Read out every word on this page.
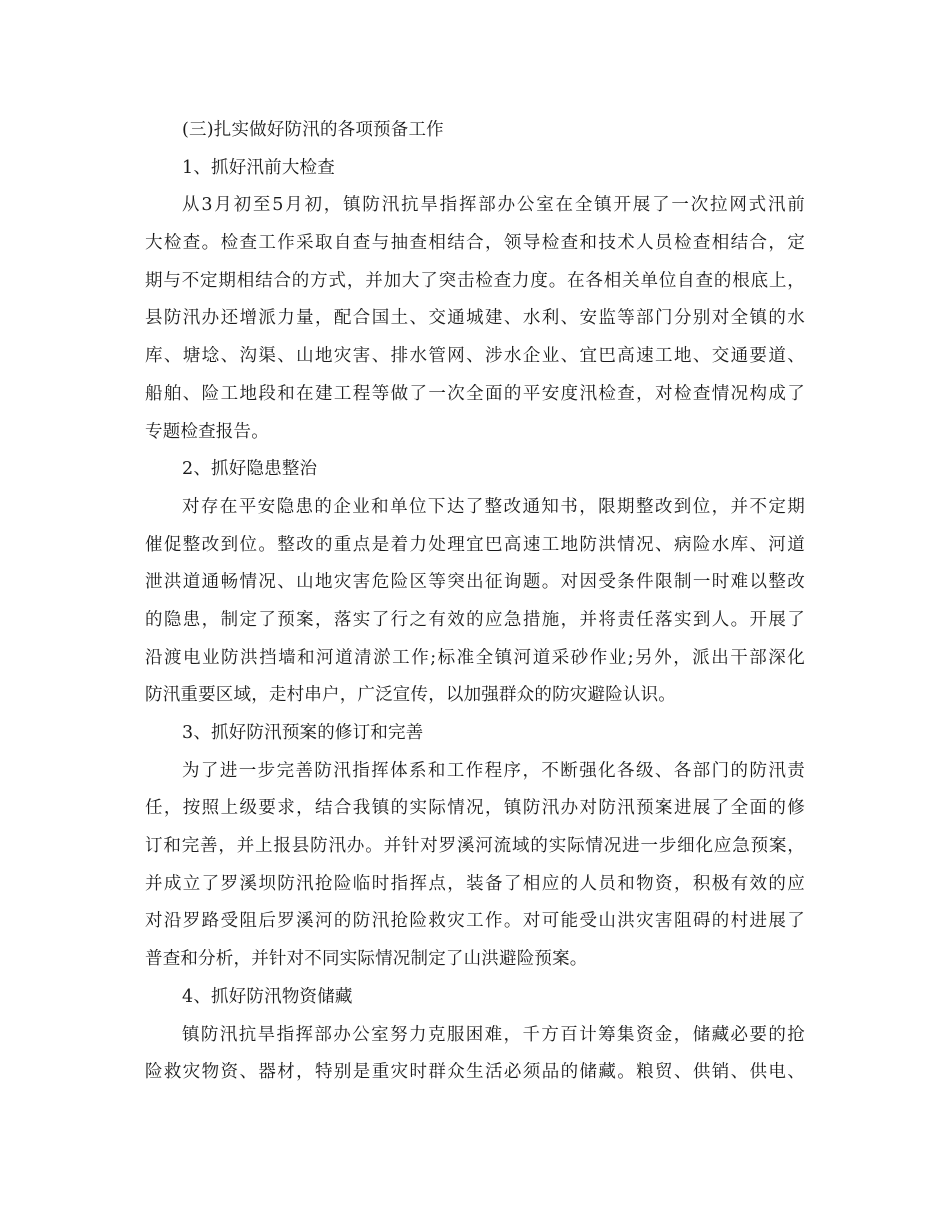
(三)扎实做好防汛的各项预备工作
1、抓好汛前大检查
从3月初至5月初，镇防汛抗旱指挥部办公室在全镇开展了一次拉网式汛前
大检查。检查工作采取自查与抽查相结合，领导检查和技术人员检查相结合，定
期与不定期相结合的方式，并加大了突击检查力度。在各相关单位自查的根底上，
县防汛办还增派力量，配合国土、交通城建、水利、安监等部门分别对全镇的水
库、塘埝、沟渠、山地灾害、排水管网、涉水企业、宜巴高速工地、交通要道、
船舶、险工地段和在建工程等做了一次全面的平安度汛检查，对检查情况构成了
专题检查报告。
2、抓好隐患整治
对存在平安隐患的企业和单位下达了整改通知书，限期整改到位，并不定期
催促整改到位。整改的重点是着力处理宜巴高速工地防洪情况、病险水库、河道
泄洪道通畅情况、山地灾害危险区等突出征询题。对因受条件限制一时难以整改
的隐患，制定了预案，落实了行之有效的应急措施，并将责任落实到人。开展了
沿渡电业防洪挡墙和河道清淤工作;标准全镇河道采砂作业;另外，派出干部深化
防汛重要区域，走村串户，广泛宣传，以加强群众的防灾避险认识。
3、抓好防汛预案的修订和完善
为了进一步完善防汛指挥体系和工作程序，不断强化各级、各部门的防汛责
任，按照上级要求，结合我镇的实际情况，镇防汛办对防汛预案进展了全面的修
订和完善，并上报县防汛办。并针对罗溪河流域的实际情况进一步细化应急预案，
并成立了罗溪坝防汛抢险临时指挥点，装备了相应的人员和物资，积极有效的应
对沿罗路受阻后罗溪河的防汛抢险救灾工作。对可能受山洪灾害阻碍的村进展了
普查和分析，并针对不同实际情况制定了山洪避险预案。
4、抓好防汛物资储藏
镇防汛抗旱指挥部办公室努力克服困难，千方百计筹集资金，储藏必要的抢
险救灾物资、器材，特别是重灾时群众生活必须品的储藏。粮贸、供销、供电、
